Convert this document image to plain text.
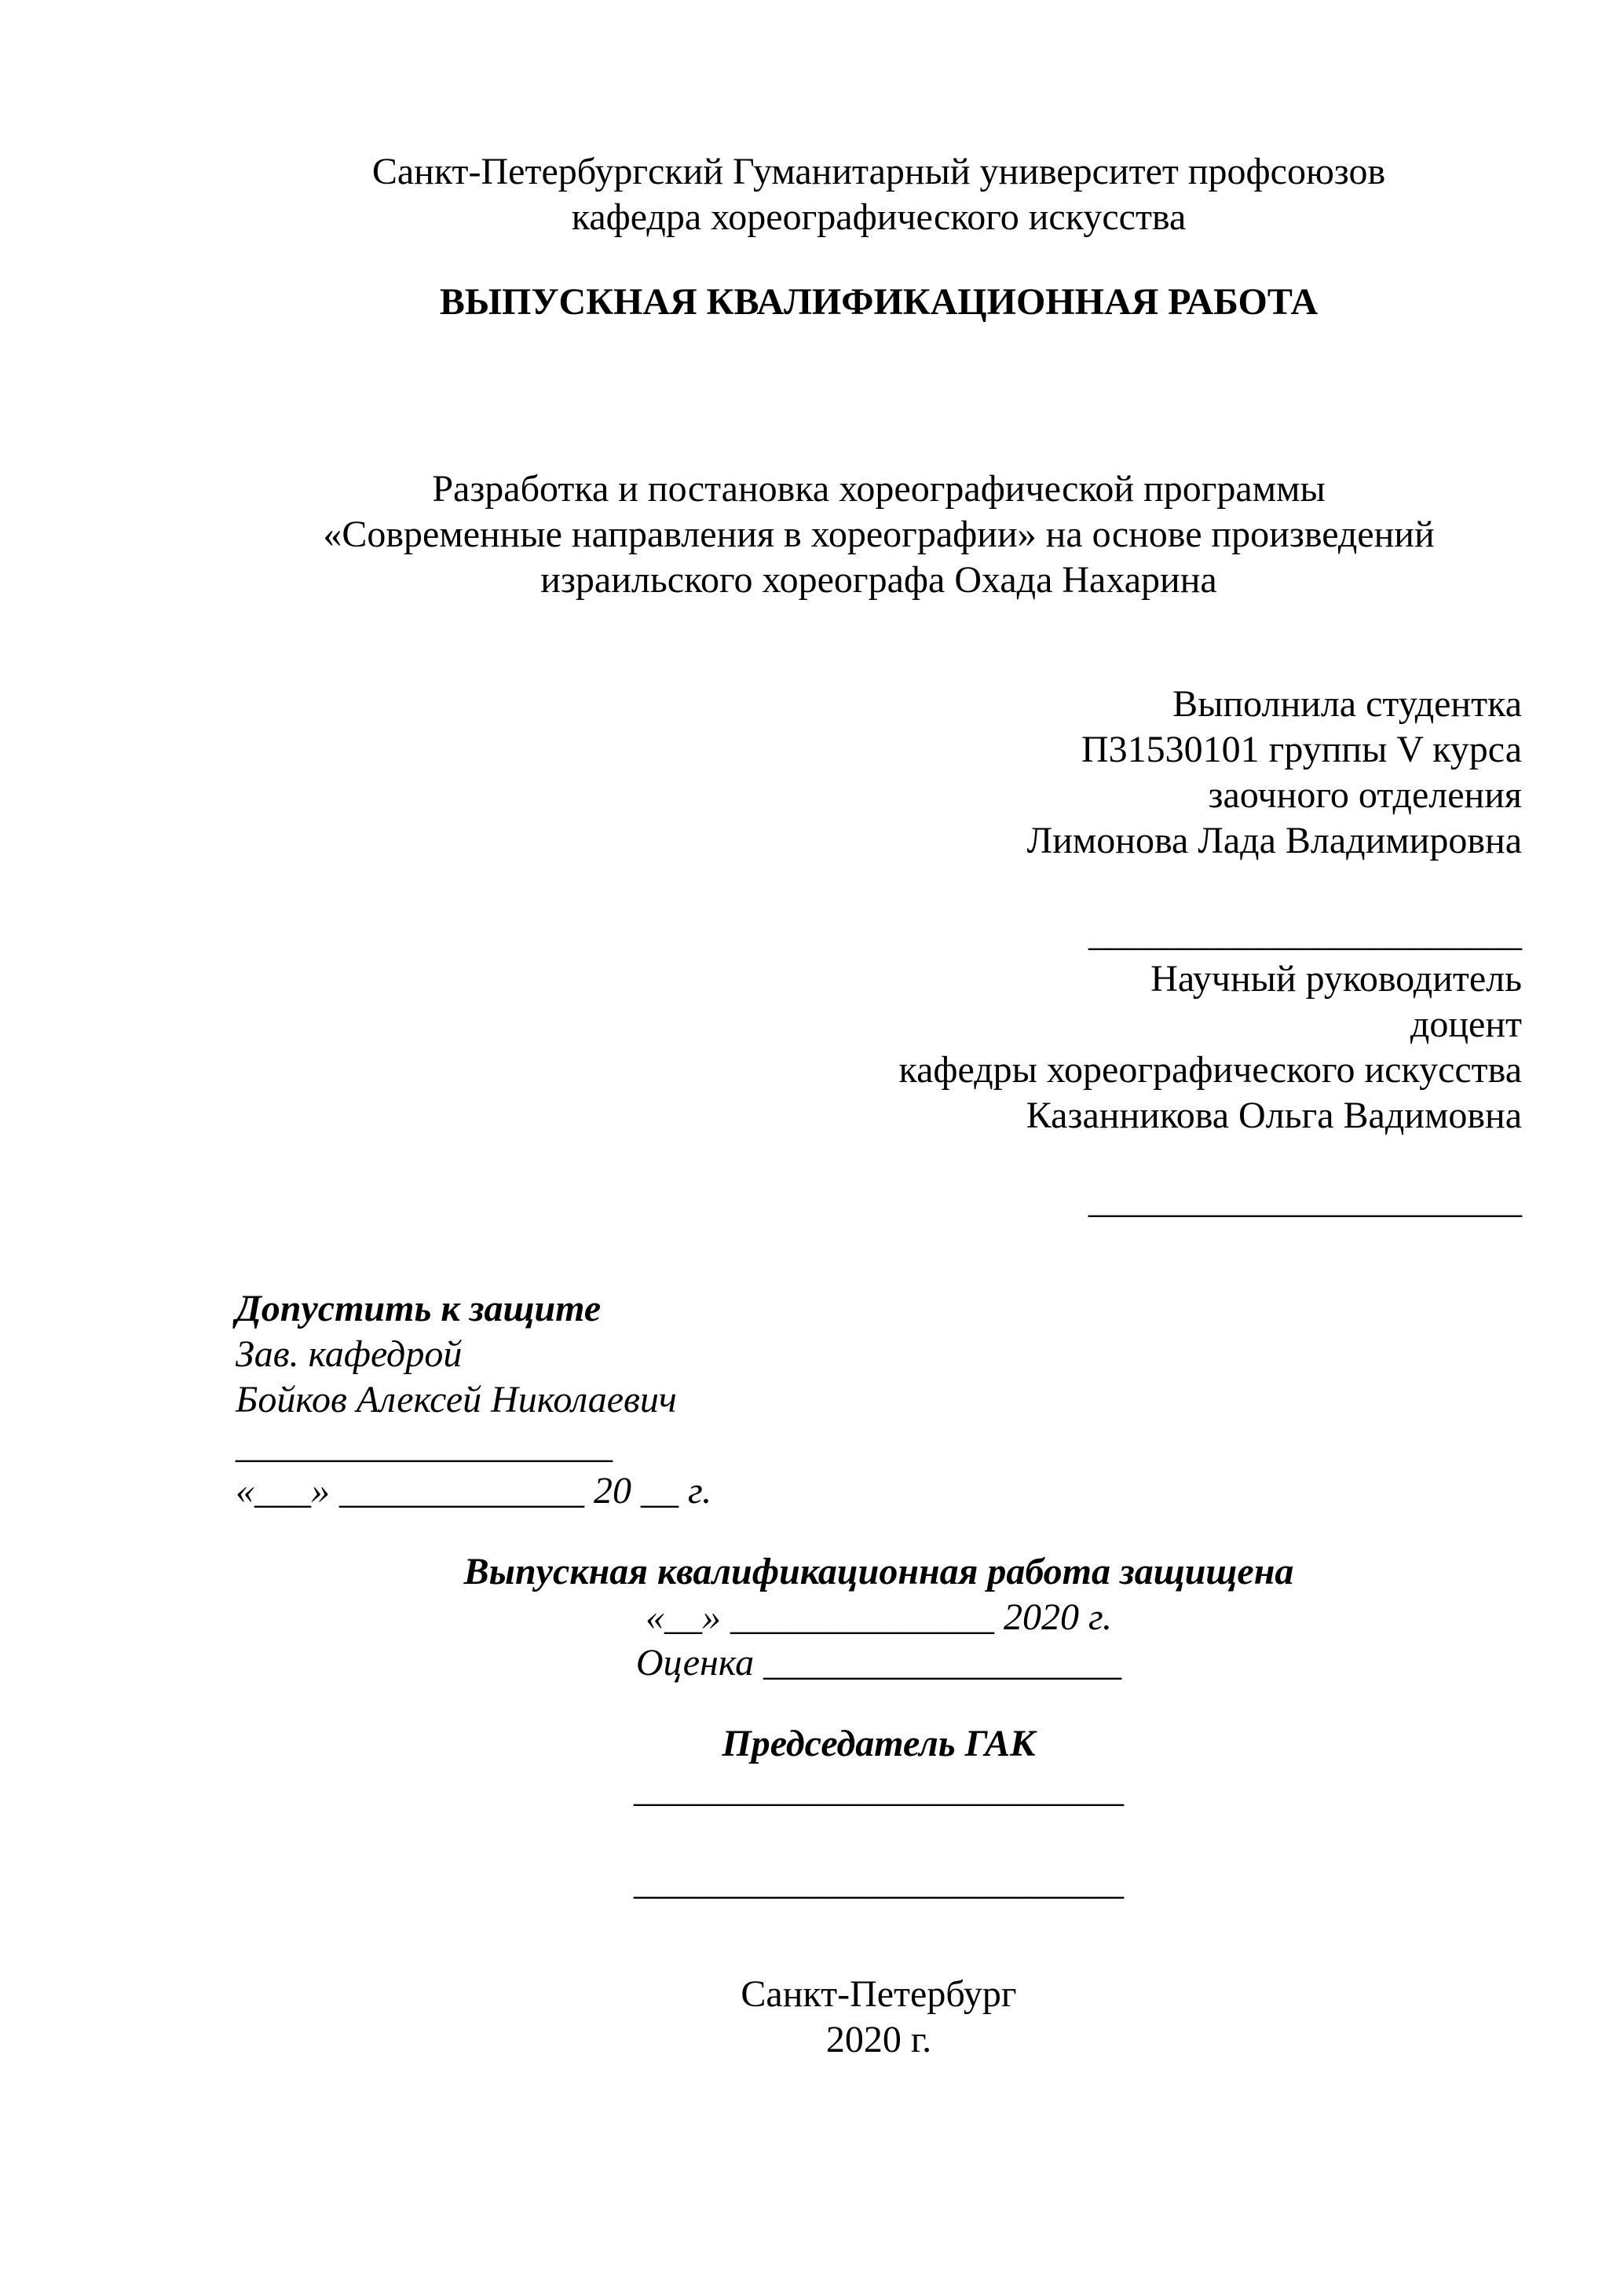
Санкт-Петербургский Гуманитарный университет профсоюзов
кафедра хореографического искусства
ВЫПУСКНАЯ КВАЛИФИКАЦИОННАЯ РАБОТА
Разработка и постановка хореографической программы
«Современные направления в хореографии» на основе произведений
израильского хореографа Охада Нахарина
Выполнила студентка
П31530101 группы V курса
заочного отделения
Лимонова Лада Владимировна
_______________________
Научный руководитель
доцент
кафедры хореографического искусства
Казанникова Ольга Вадимовна
_______________________
Допустить к защите
Зав. кафедрой
Бойков Алексей Николаевич
____________________
«___» _____________ 20 __ г.
Выпускная квалификационная работа защищена
«__» ______________ 2020 г.
Оценка ___________________
Председатель ГАК
__________________________
__________________________
Санкт-Петербург
2020 г.
